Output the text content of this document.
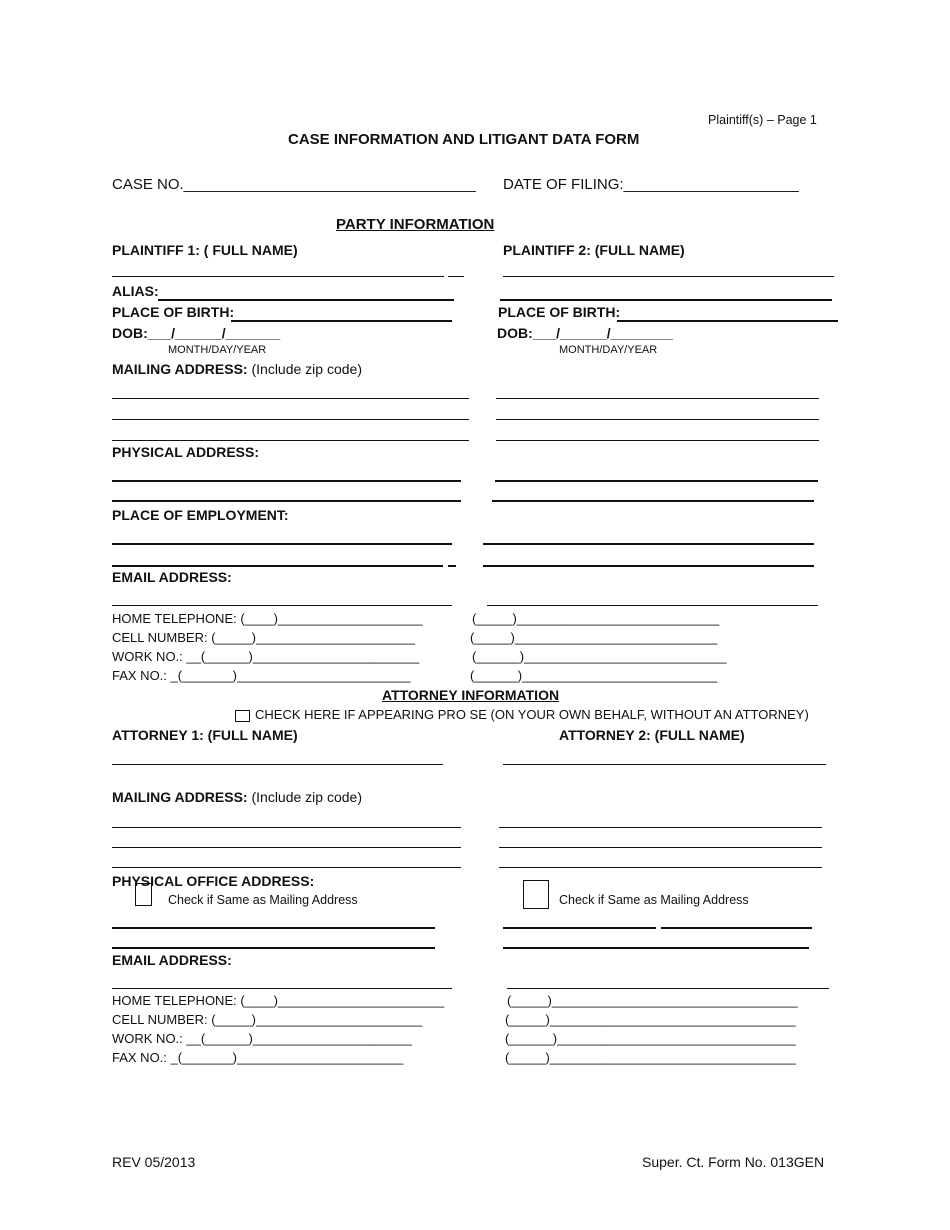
Plaintiff(s) – Page 1
CASE INFORMATION AND LITIGANT DATA FORM
CASE NO.___________________________________ DATE OF FILING:_____________________
PARTY INFORMATION
PLAINTIFF 1: ( FULL NAME)	PLAINTIFF 2: (FULL NAME)
ALIAS:
PLACE OF BIRTH:	PLACE OF BIRTH:
DOB:___/______/_______	DOB:___/______/________
MONTH/DAY/YEAR	MONTH/DAY/YEAR
MAILING ADDRESS: (Include zip code)
PHYSICAL ADDRESS:
PLACE OF EMPLOYMENT:
EMAIL ADDRESS:
HOME TELEPHONE: (____)____________________	(_____)____________________________
CELL NUMBER: (_____)______________________	(_____)____________________________
WORK NO.: __(______)_______________________	(______)____________________________
FAX NO.: _(_______)________________________	(______)___________________________
ATTORNEY INFORMATION
CHECK HERE IF APPEARING PRO SE (ON YOUR OWN BEHALF, WITHOUT AN ATTORNEY)
ATTORNEY 1: (FULL NAME)	ATTORNEY 2: (FULL NAME)
MAILING ADDRESS: (Include zip code)
PHYSICAL OFFICE ADDRESS:
Check if Same as Mailing Address	Check if Same as Mailing Address
EMAIL ADDRESS:
HOME TELEPHONE: (____)_______________________	(_____)__________________________________
CELL NUMBER: (_____)_______________________	(_____)__________________________________
WORK NO.: __(______)______________________	(______)_________________________________
FAX NO.: _(_______)_______________________	(_____)__________________________________
REV 05/2013	Super. Ct. Form No. 013GEN
